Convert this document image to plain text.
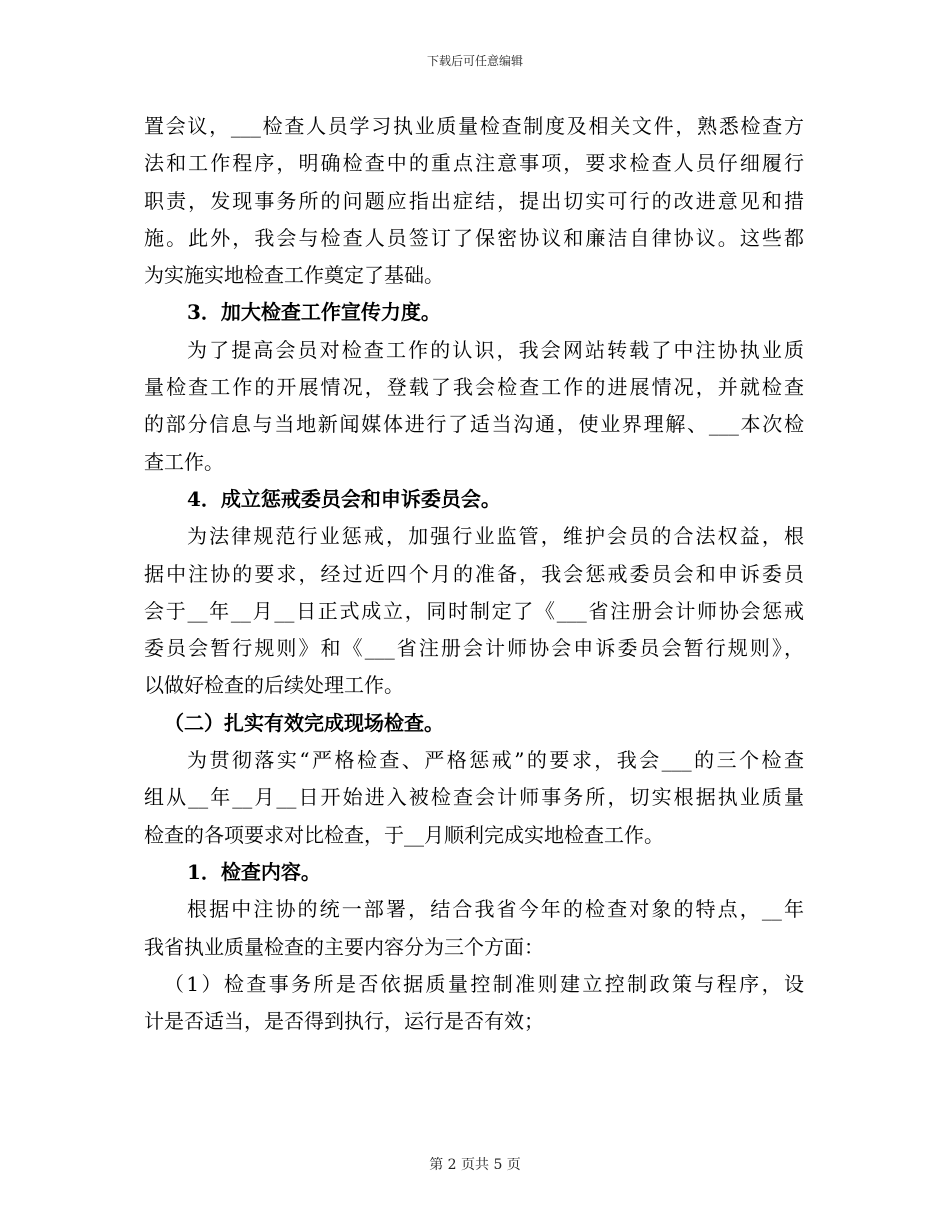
下载后可任意编辑
置会议，___检查人员学习执业质量检查制度及相关文件，熟悉检查方
法和工作程序，明确检查中的重点注意事项，要求检查人员仔细履行
职责，发现事务所的问题应指出症结，提出切实可行的改进意见和措
施。此外，我会与检查人员签订了保密协议和廉洁自律协议。这些都
为实施实地检查工作奠定了基础。
3．加大检查工作宣传力度。
为了提高会员对检查工作的认识，我会网站转载了中注协执业质
量检查工作的开展情况，登载了我会检查工作的进展情况，并就检查
的部分信息与当地新闻媒体进行了适当沟通，使业界理解、___本次检
查工作。
4．成立惩戒委员会和申诉委员会。
为法律规范行业惩戒，加强行业监管，维护会员的合法权益，根
据中注协的要求，经过近四个月的准备，我会惩戒委员会和申诉委员
会于__年__月__日正式成立，同时制定了《___省注册会计师协会惩戒
委员会暂行规则》和《___省注册会计师协会申诉委员会暂行规则》，
以做好检查的后续处理工作。
（二）扎实有效完成现场检查。
为贯彻落实“严格检查、严格惩戒”的要求，我会___的三个检查
组从__年__月__日开始进入被检查会计师事务所，切实根据执业质量
检查的各项要求对比检查，于__月顺利完成实地检查工作。
1．检查内容。
根据中注协的统一部署，结合我省今年的检查对象的特点，__年
我省执业质量检查的主要内容分为三个方面：
（1）检查事务所是否依据质量控制准则建立控制政策与程序，设
计是否适当，是否得到执行，运行是否有效；
第 2 页共 5 页
